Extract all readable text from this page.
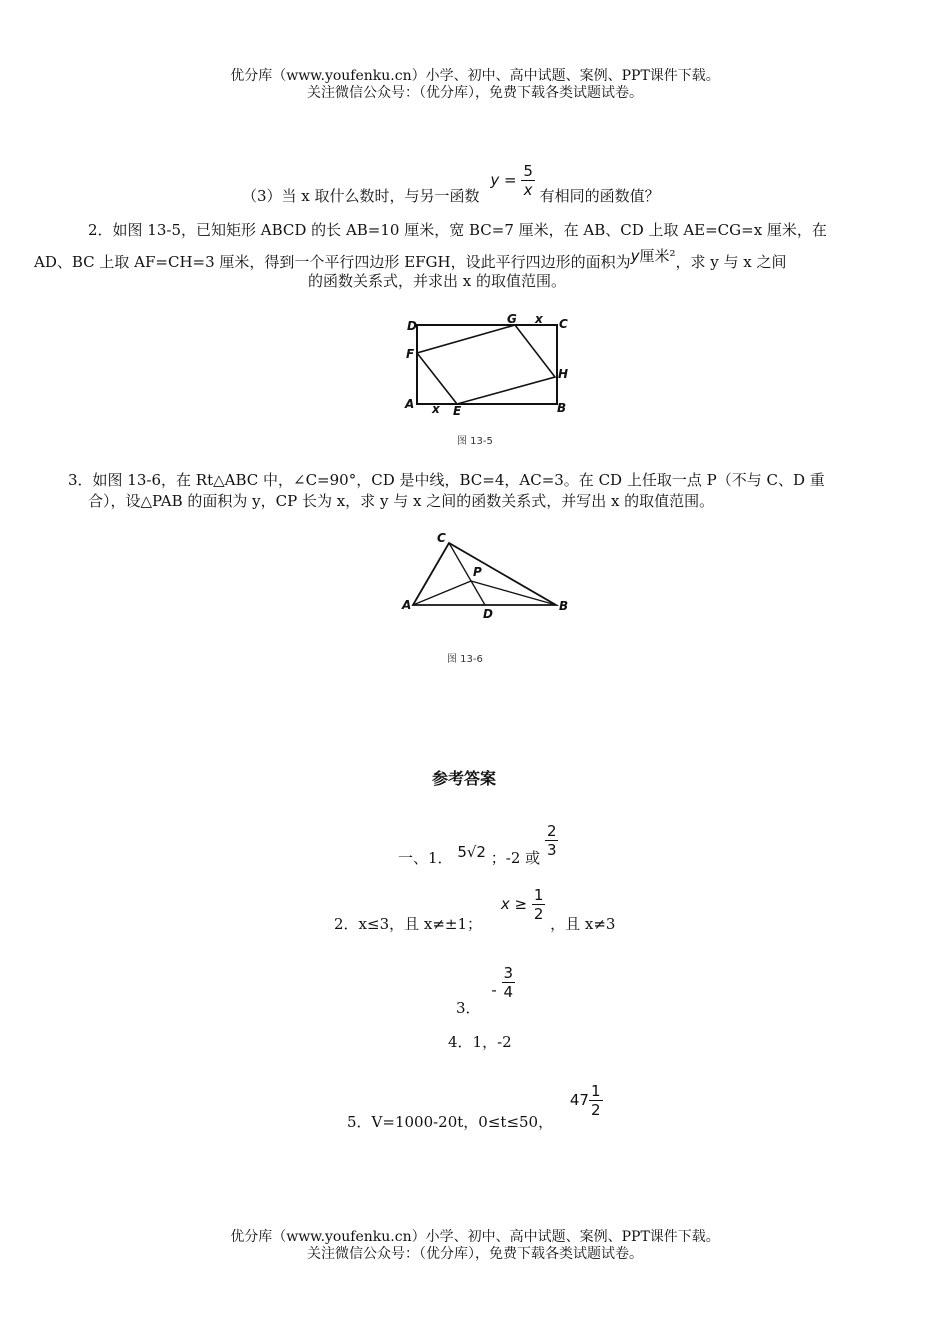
优分库（www.youfenku.cn）小学、初中、高中试题、案例、PPT课件下载。
关注微信公众号：（优分库），免费下载各类试题试卷。
（3）当 x 取什么数时，与另一函数 $y = \frac{5}{x}$ 有相同的函数值？
2．如图 13-5，已知矩形 ABCD 的长 AB=10 厘米，宽 BC=7 厘米，在 AB、CD 上取 AE=CG=x 厘米，在
AD、BC 上取 AF=CH=3 厘米，得到一个平行四边形 EFGH，设此平行四边形的面积为y厘米²，求 y 与 x 之间
的函数关系式，并求出 x 的取值范围。
D	G x C
F
H
A x E	B
图 13-5
3．如图 13-6，在 Rt△ABC 中，∠C=90°，CD 是中线，BC=4，AC=3。在 CD 上任取一点 P（不与 C、D 重
合），设△PAB 的面积为 y，CP 长为 x，求 y 与 x 之间的函数关系式，并写出 x 的取值范围。
C
P
A
D
B
图 13-6
参考答案
一、1． 5√2 ；-2 或 $\frac{2}{3}$
2．x≤3，且 x≠±1； $x \ge \frac{1}{2}$
，且 x≠3
3． - $\frac{3}{4}$
4．1，-2
5．V=1000-20t，0≤t≤50， $47 \frac{1}{2}$
优分库（www.youfenku.cn）小学、初中、高中试题、案例、PPT课件下载。
关注微信公众号：（优分库），免费下载各类试题试卷。
